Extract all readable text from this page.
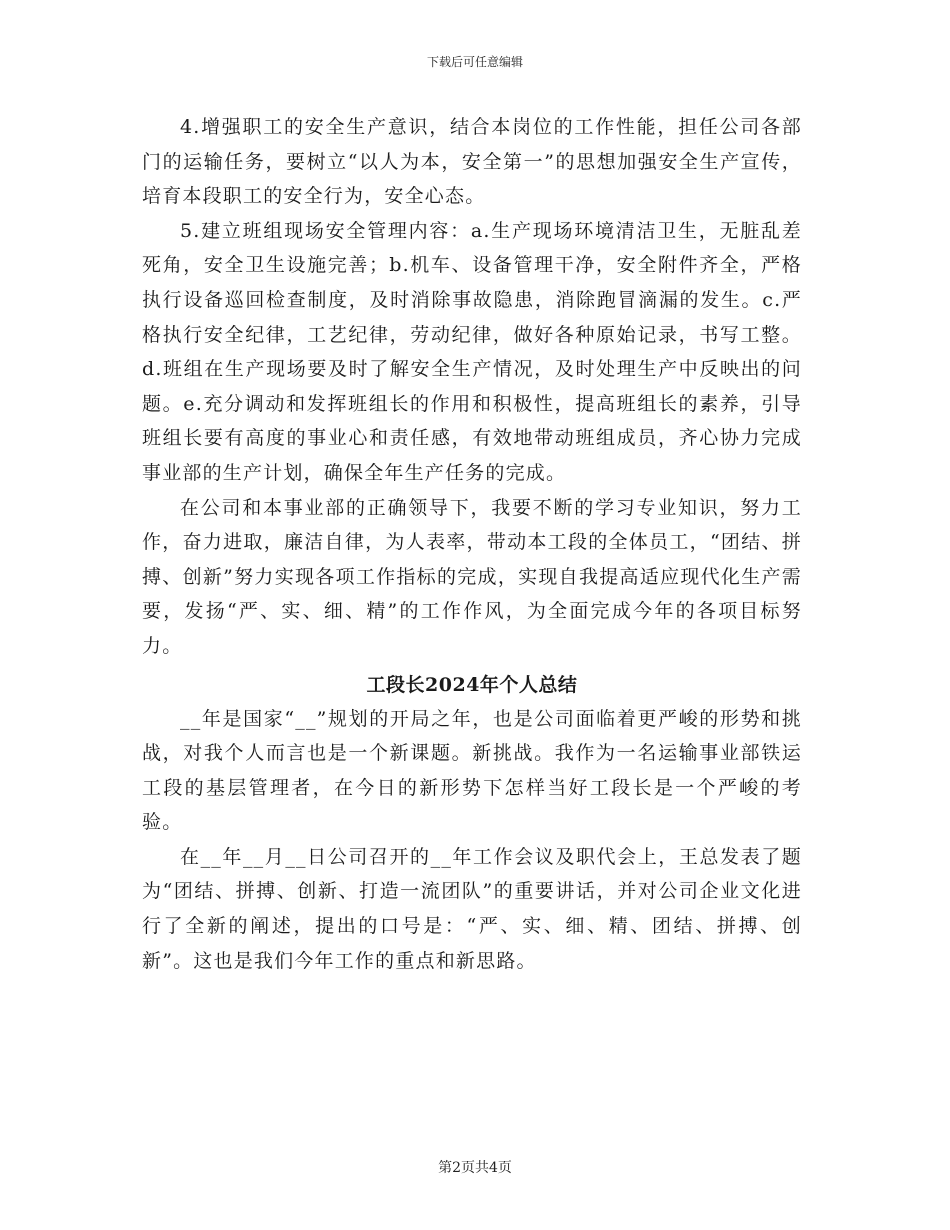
下载后可任意编辑

4.增强职工的安全生产意识，结合本岗位的工作性能，担任公司各部门的运输任务，要树立“以人为本，安全第一”的思想加强安全生产宣传，培育本段职工的安全行为，安全心态。

5.建立班组现场安全管理内容：a.生产现场环境清洁卫生，无脏乱差死角，安全卫生设施完善；b.机车、设备管理干净，安全附件齐全，严格执行设备巡回检查制度，及时消除事故隐患，消除跑冒滴漏的发生。c.严格执行安全纪律，工艺纪律，劳动纪律，做好各种原始记录，书写工整。d.班组在生产现场要及时了解安全生产情况，及时处理生产中反映出的问题。e.充分调动和发挥班组长的作用和积极性，提高班组长的素养，引导班组长要有高度的事业心和责任感，有效地带动班组成员，齐心协力完成事业部的生产计划，确保全年生产任务的完成。

在公司和本事业部的正确领导下，我要不断的学习专业知识，努力工作，奋力进取，廉洁自律，为人表率，带动本工段的全体员工，“团结、拼搏、创新”努力实现各项工作指标的完成，实现自我提高适应现代化生产需要，发扬“严、实、细、精”的工作作风，为全面完成今年的各项目标努力。

工段长2024年个人总结

__年是国家“__”规划的开局之年，也是公司面临着更严峻的形势和挑战，对我个人而言也是一个新课题。新挑战。我作为一名运输事业部铁运工段的基层管理者，在今日的新形势下怎样当好工段长是一个严峻的考验。

在__年__月__日公司召开的__年工作会议及职代会上，王总发表了题为“团结、拼搏、创新、打造一流团队”的重要讲话，并对公司企业文化进行了全新的阐述，提出的口号是：“严、实、细、精、团结、拼搏、创新”。这也是我们今年工作的重点和新思路。

第2页共4页
